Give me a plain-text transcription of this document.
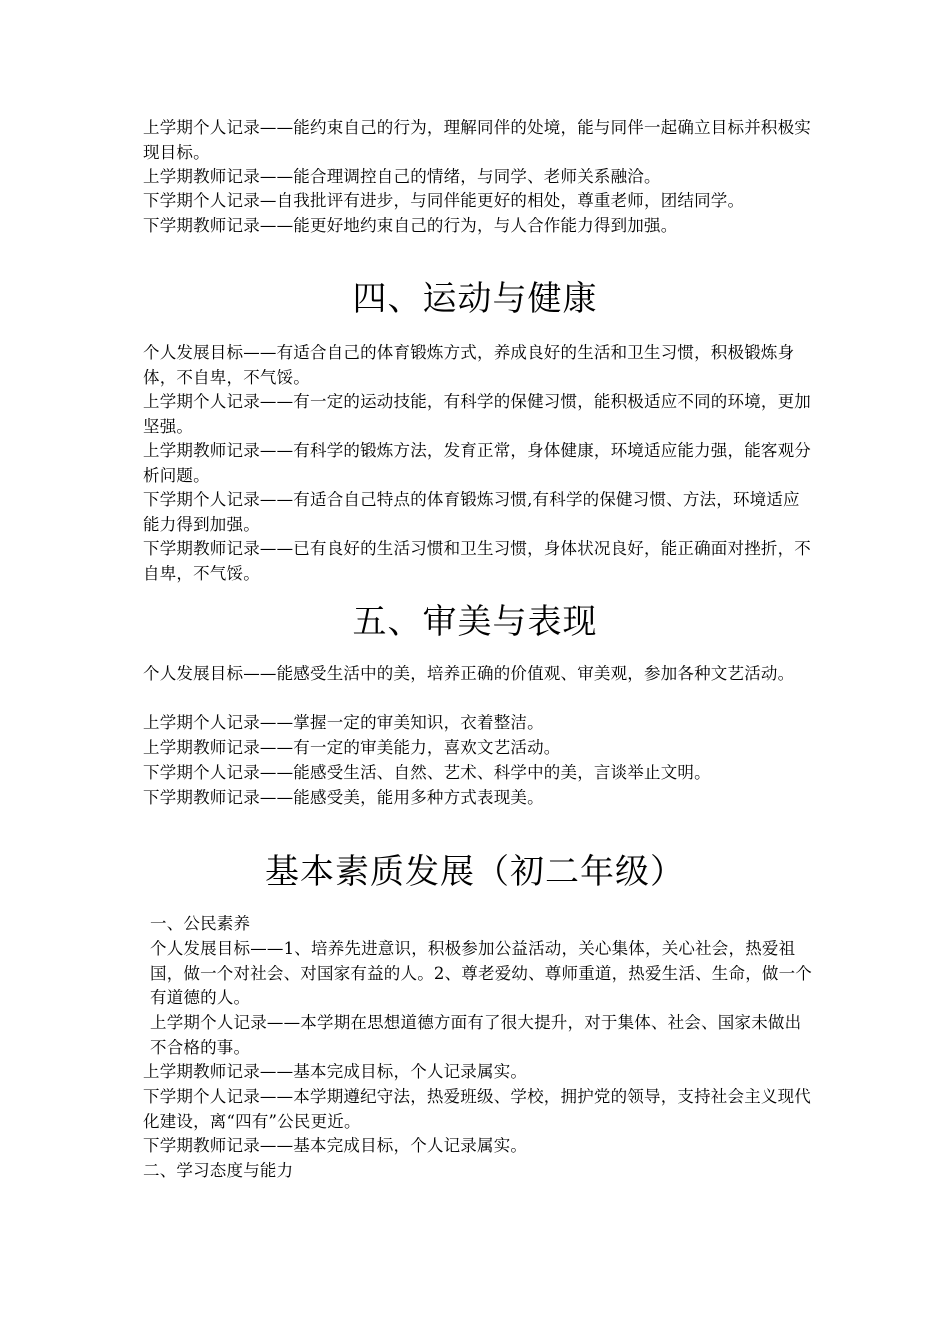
上学期个人记录——能约束自己的行为，理解同伴的处境，能与同伴一起确立目标并积极实现目标。
上学期教师记录——能合理调控自己的情绪，与同学、老师关系融洽。
下学期个人记录—自我批评有进步，与同伴能更好的相处，尊重老师，团结同学。
下学期教师记录——能更好地约束自己的行为，与人合作能力得到加强。
四、运动与健康
个人发展目标——有适合自己的体育锻炼方式，养成良好的生活和卫生习惯，积极锻炼身体，不自卑，不气馁。
上学期个人记录——有一定的运动技能，有科学的保健习惯，能积极适应不同的环境，更加坚强。
上学期教师记录——有科学的锻炼方法，发育正常，身体健康，环境适应能力强，能客观分析问题。
下学期个人记录——有适合自己特点的体育锻炼习惯,有科学的保健习惯、方法，环境适应能力得到加强。
下学期教师记录——已有良好的生活习惯和卫生习惯，身体状况良好，能正确面对挫折，不自卑，不气馁。
五、审美与表现
个人发展目标——能感受生活中的美，培养正确的价值观、审美观，参加各种文艺活动。
上学期个人记录——掌握一定的审美知识，衣着整洁。
上学期教师记录——有一定的审美能力，喜欢文艺活动。
下学期个人记录——能感受生活、自然、艺术、科学中的美，言谈举止文明。
下学期教师记录——能感受美，能用多种方式表现美。
基本素质发展（初二年级）
一、公民素养
个人发展目标——1、培养先进意识，积极参加公益活动，关心集体，关心社会，热爱祖国，做一个对社会、对国家有益的人。2、尊老爱幼、尊师重道，热爱生活、生命，做一个有道德的人。
上学期个人记录——本学期在思想道德方面有了很大提升，对于集体、社会、国家未做出不合格的事。
上学期教师记录——基本完成目标，个人记录属实。
下学期个人记录——本学期遵纪守法，热爱班级、学校，拥护党的领导，支持社会主义现代化建设，离“四有”公民更近。
下学期教师记录——基本完成目标，个人记录属实。
二、学习态度与能力
